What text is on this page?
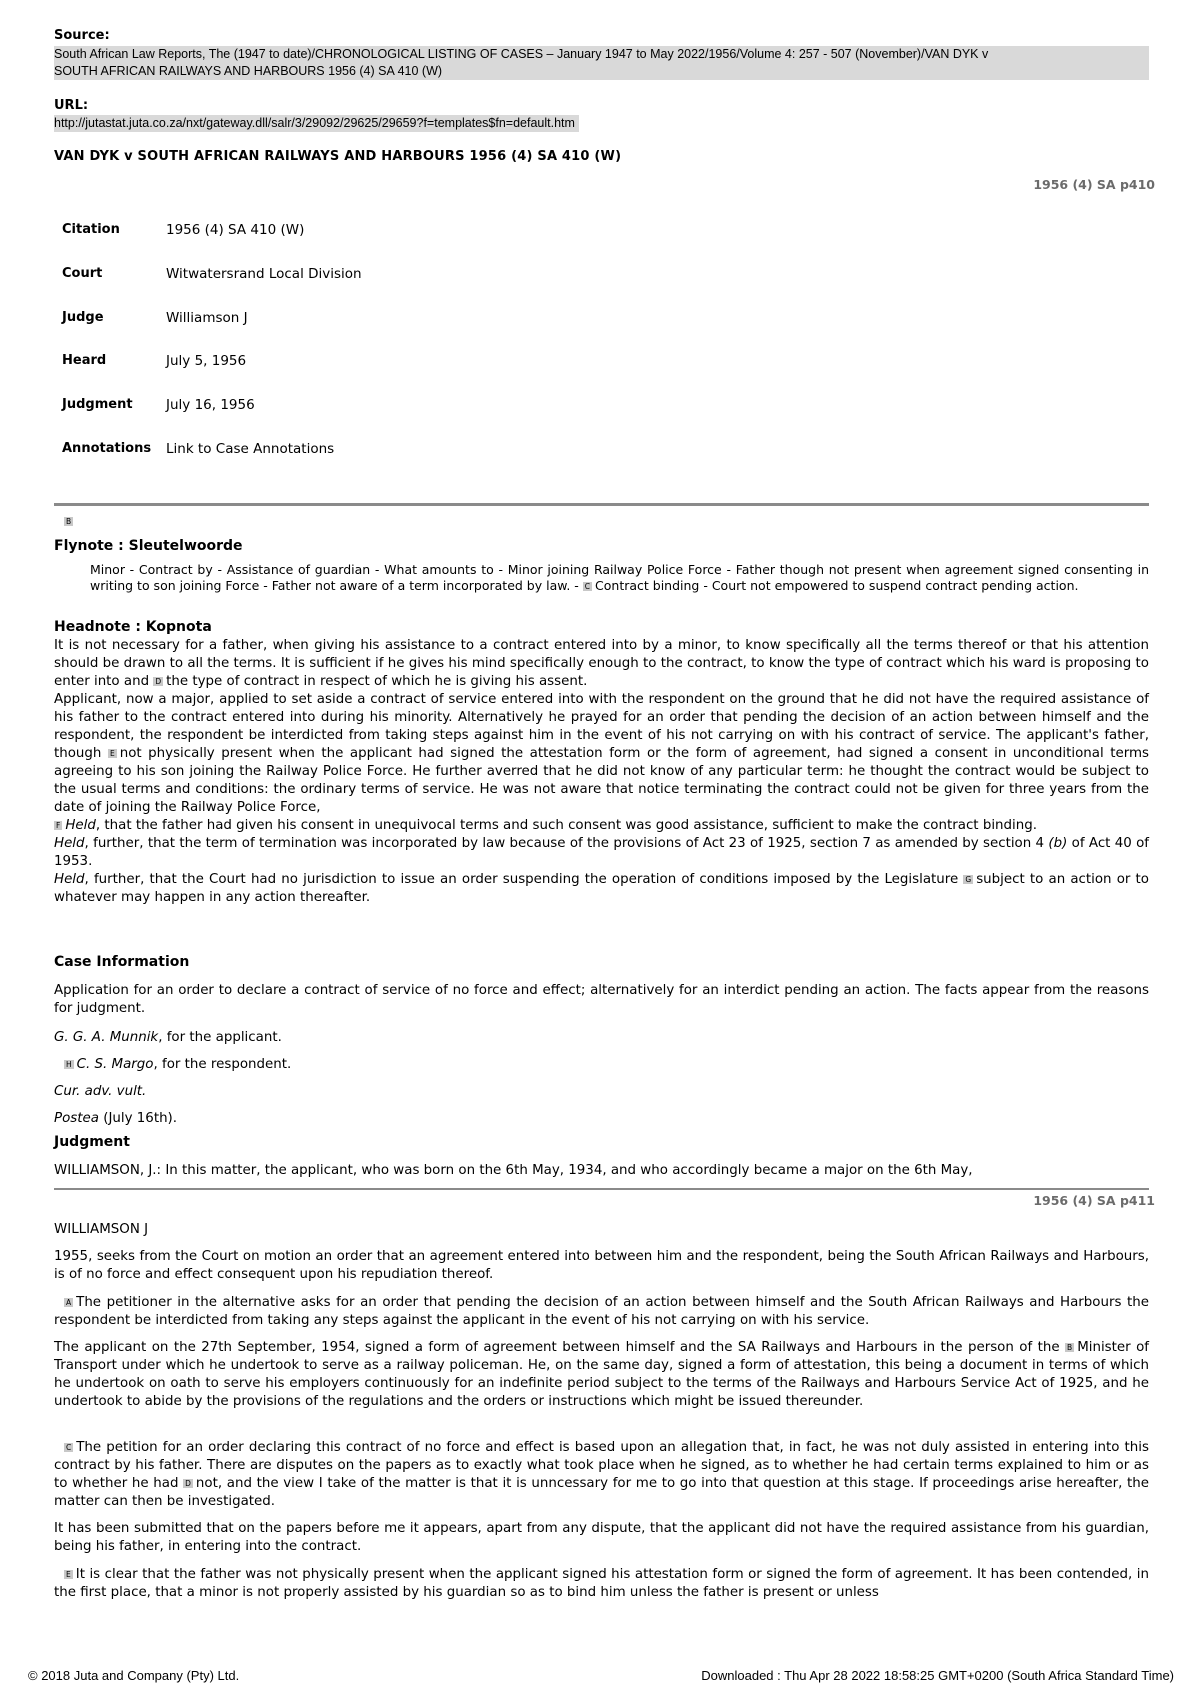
Source:
South African Law Reports, The (1947 to date)/CHRONOLOGICAL LISTING OF CASES – January 1947 to May 2022/1956/Volume 4: 257 - 507 (November)/VAN DYK v
SOUTH AFRICAN RAILWAYS AND HARBOURS 1956 (4) SA 410 (W)
URL:
http://jutastat.juta.co.za/nxt/gateway.dll/salr/3/29092/29625/29659?f=templates$fn=default.htm
VAN DYK v SOUTH AFRICAN RAILWAYS AND HARBOURS 1956 (4) SA 410 (W)
1956 (4) SA p410
Citation	1956 (4) SA 410 (W)
Court	Witwatersrand Local Division
Judge	Williamson J
Heard	July 5, 1956
Judgment	July 16, 1956
Annotations	Link to Case Annotations
B
Flynote : Sleutelwoorde
Minor - Contract by - Assistance of guardian - What amounts to - Minor joining Railway Police Force - Father though not present when agreement signed consenting in writing to son joining Force - Father not aware of a term incorporated by law. - C Contract binding - Court not empowered to suspend contract pending action.
Headnote : Kopnota

It is not necessary for a father, when giving his assistance to a contract entered into by a minor, to know specifically all the terms thereof or that his attention should be drawn to all the terms. It is sufficient if he gives his mind specifically enough to the contract, to know the type of contract which his ward is proposing to enter into and D the type of contract in respect of which he is giving his assent.

Applicant, now a major, applied to set aside a contract of service entered into with the respondent on the ground that he did not have the required assistance of his father to the contract entered into during his minority. Alternatively he prayed for an order that pending the decision of an action between himself and the respondent, the respondent be interdicted from taking steps against him in the event of his not carrying on with his contract of service. The applicant's father, though E not physically present when the applicant had signed the attestation form or the form of agreement, had signed a consent in unconditional terms agreeing to his son joining the Railway Police Force. He further averred that he did not know of any particular term: he thought the contract would be subject to the usual terms and conditions: the ordinary terms of service. He was not aware that notice terminating the contract could not be given for three years from the date of joining the Railway Police Force,

F Held, that the father had given his consent in unequivocal terms and such consent was good assistance, sufficient to make the contract binding.

Held, further, that the term of termination was incorporated by law because of the provisions of Act 23 of 1925, section 7 as amended by section 4 (b) of Act 40 of 1953.

Held, further, that the Court had no jurisdiction to issue an order suspending the operation of conditions imposed by the Legislature G subject to an action or to whatever may happen in any action thereafter.

Case Information
Application for an order to declare a contract of service of no force and effect; alternatively for an interdict pending an action. The facts appear from the reasons for judgment.
G. G. A. Munnik, for the applicant.
H C. S. Margo, for the respondent.
Cur. adv. vult.
Postea (July 16th).
Judgment
WILLIAMSON, J.: In this matter, the applicant, who was born on the 6th May, 1934, and who accordingly became a major on the 6th May,
1956 (4) SA p411
WILLIAMSON J
1955, seeks from the Court on motion an order that an agreement entered into between him and the respondent, being the South African Railways and Harbours, is of no force and effect consequent upon his repudiation thereof.
A The petitioner in the alternative asks for an order that pending the decision of an action between himself and the South African Railways and Harbours the respondent be interdicted from taking any steps against the applicant in the event of his not carrying on with his service.
The applicant on the 27th September, 1954, signed a form of agreement between himself and the SA Railways and Harbours in the person of the B Minister of Transport under which he undertook to serve as a railway policeman. He, on the same day, signed a form of attestation, this being a document in terms of which he undertook on oath to serve his employers continuously for an indefinite period subject to the terms of the Railways and Harbours Service Act of 1925, and he undertook to abide by the provisions of the regulations and the orders or instructions which might be issued thereunder.
C The petition for an order declaring this contract of no force and effect is based upon an allegation that, in fact, he was not duly assisted in entering into this contract by his father. There are disputes on the papers as to exactly what took place when he signed, as to whether he had certain terms explained to him or as to whether he had D not, and the view I take of the matter is that it is unncessary for me to go into that question at this stage. If proceedings arise hereafter, the matter can then be investigated.
It has been submitted that on the papers before me it appears, apart from any dispute, that the applicant did not have the required assistance from his guardian, being his father, in entering into the contract.
E It is clear that the father was not physically present when the applicant signed his attestation form or signed the form of agreement. It has been contended, in the first place, that a minor is not properly assisted by his guardian so as to bind him unless the father is present or unless
© 2018 Juta and Company (Pty) Ltd.	Downloaded : Thu Apr 28 2022 18:58:25 GMT+0200 (South Africa Standard Time)
